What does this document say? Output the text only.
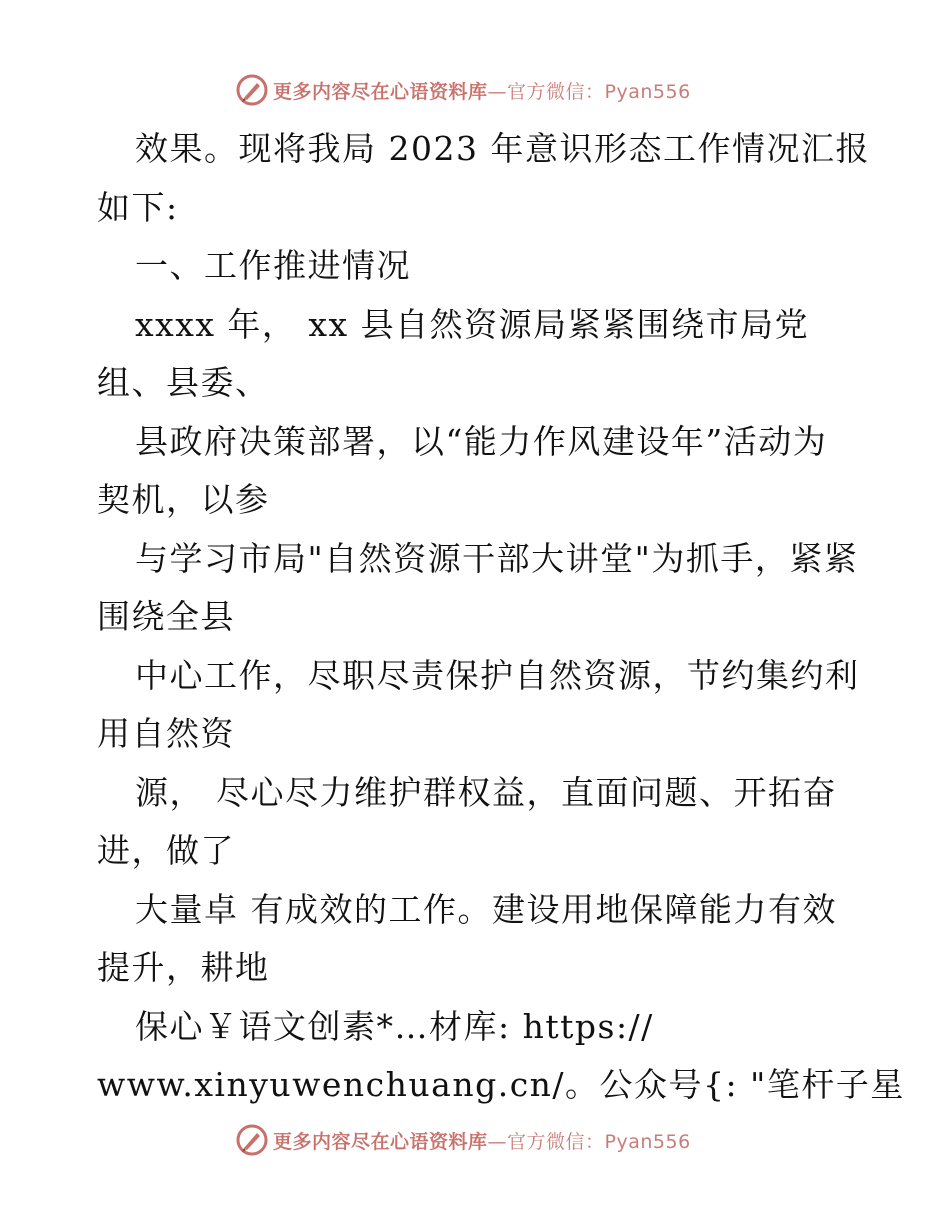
更多内容尽在心语资料库—官方微信：Pyan556
效果。现将我局 2023 年意识形态工作情况汇报
如下:
一、工作推进情况
xxxx 年， xx 县自然资源局紧紧围绕市局党
组、县委、
县政府决策部署，以“能力作风建设年”活动为
契机，以参
与学习市局"自然资源干部大讲堂"为抓手，紧紧
围绕全县
中心工作，尽职尽责保护自然资源，节约集约利
用自然资
源， 尽心尽力维护群权益，直面问题、开拓奋
进，做了
大量卓 有成效的工作。建设用地保障能力有效
提升，耕地
保心￥语文创素*…材库: https://
www.xinyuwenchuang.cn/。公众号{: "笔杆子星
更多内容尽在心语资料库—官方微信：Pyan556
